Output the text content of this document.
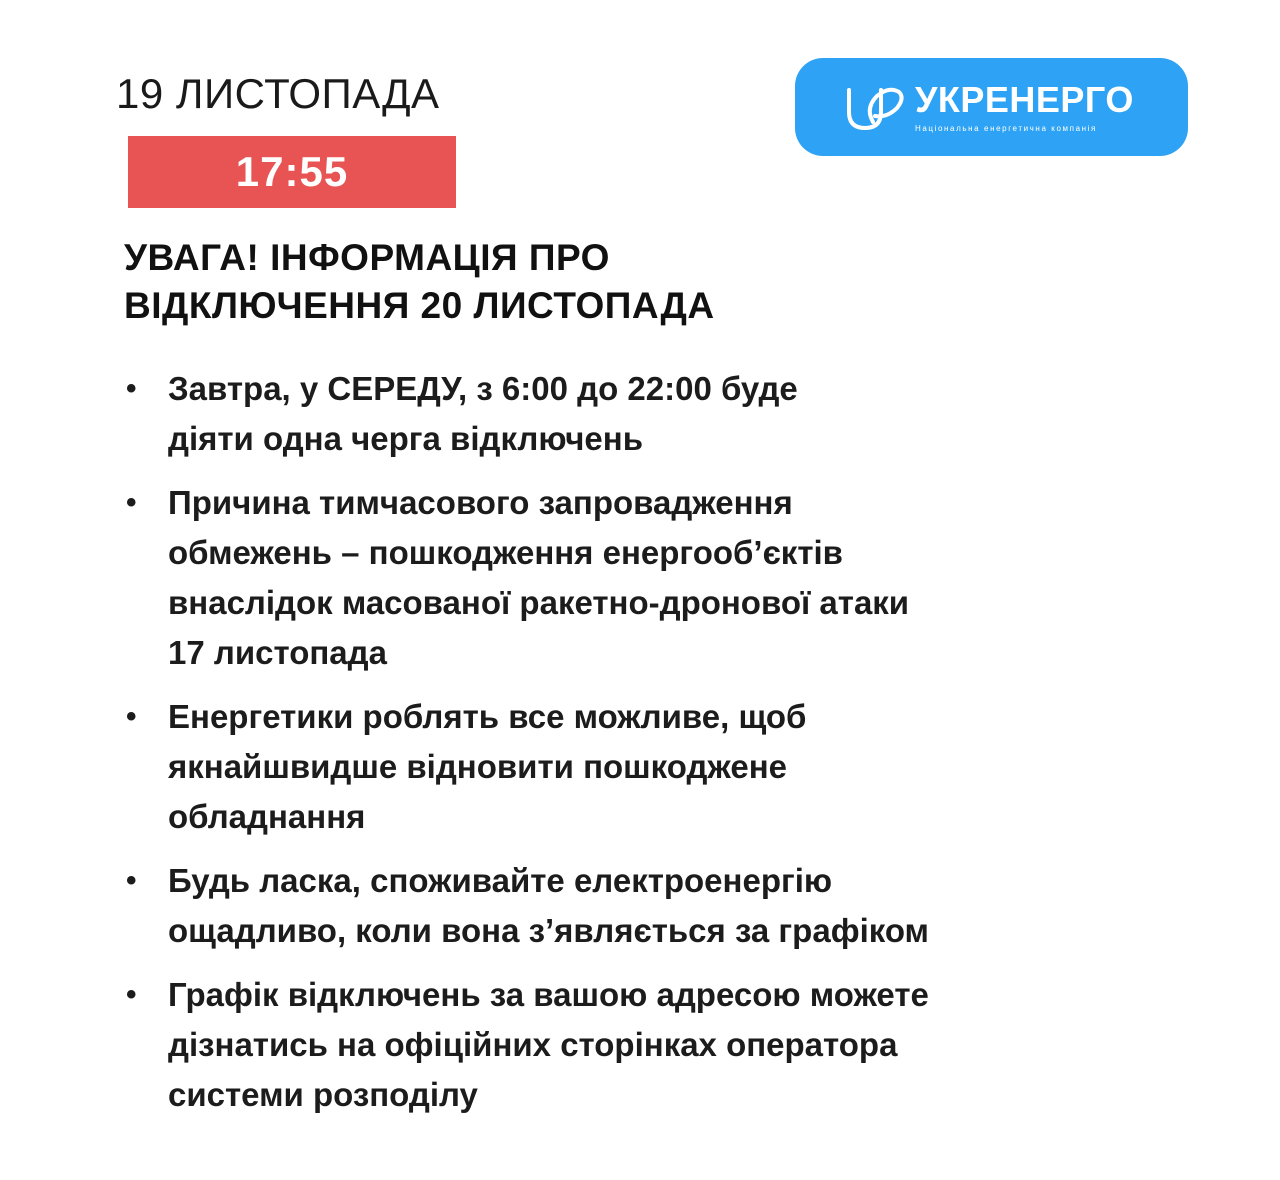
19 ЛИСТОПАДА
17:55
УКРЕНЕРГО
Національна енергетична компанія
УВАГА! ІНФОРМАЦІЯ ПРО
ВІДКЛЮЧЕННЯ 20 ЛИСТОПАДА
• Завтра, у СЕРЕДУ, з 6:00 до 22:00 буде
діяти одна черга відключень
• Причина тимчасового запровадження
обмежень – пошкодження енергооб’єктів
внаслідок масованої ракетно-дронової атаки
17 листопада
• Енергетики роблять все можливе, щоб
якнайшвидше відновити пошкоджене
обладнання
• Будь ласка, споживайте електроенергію
ощадливо, коли вона з’являється за графіком
• Графік відключень за вашою адресою можете
дізнатись на офіційних сторінках оператора
системи розподілу
